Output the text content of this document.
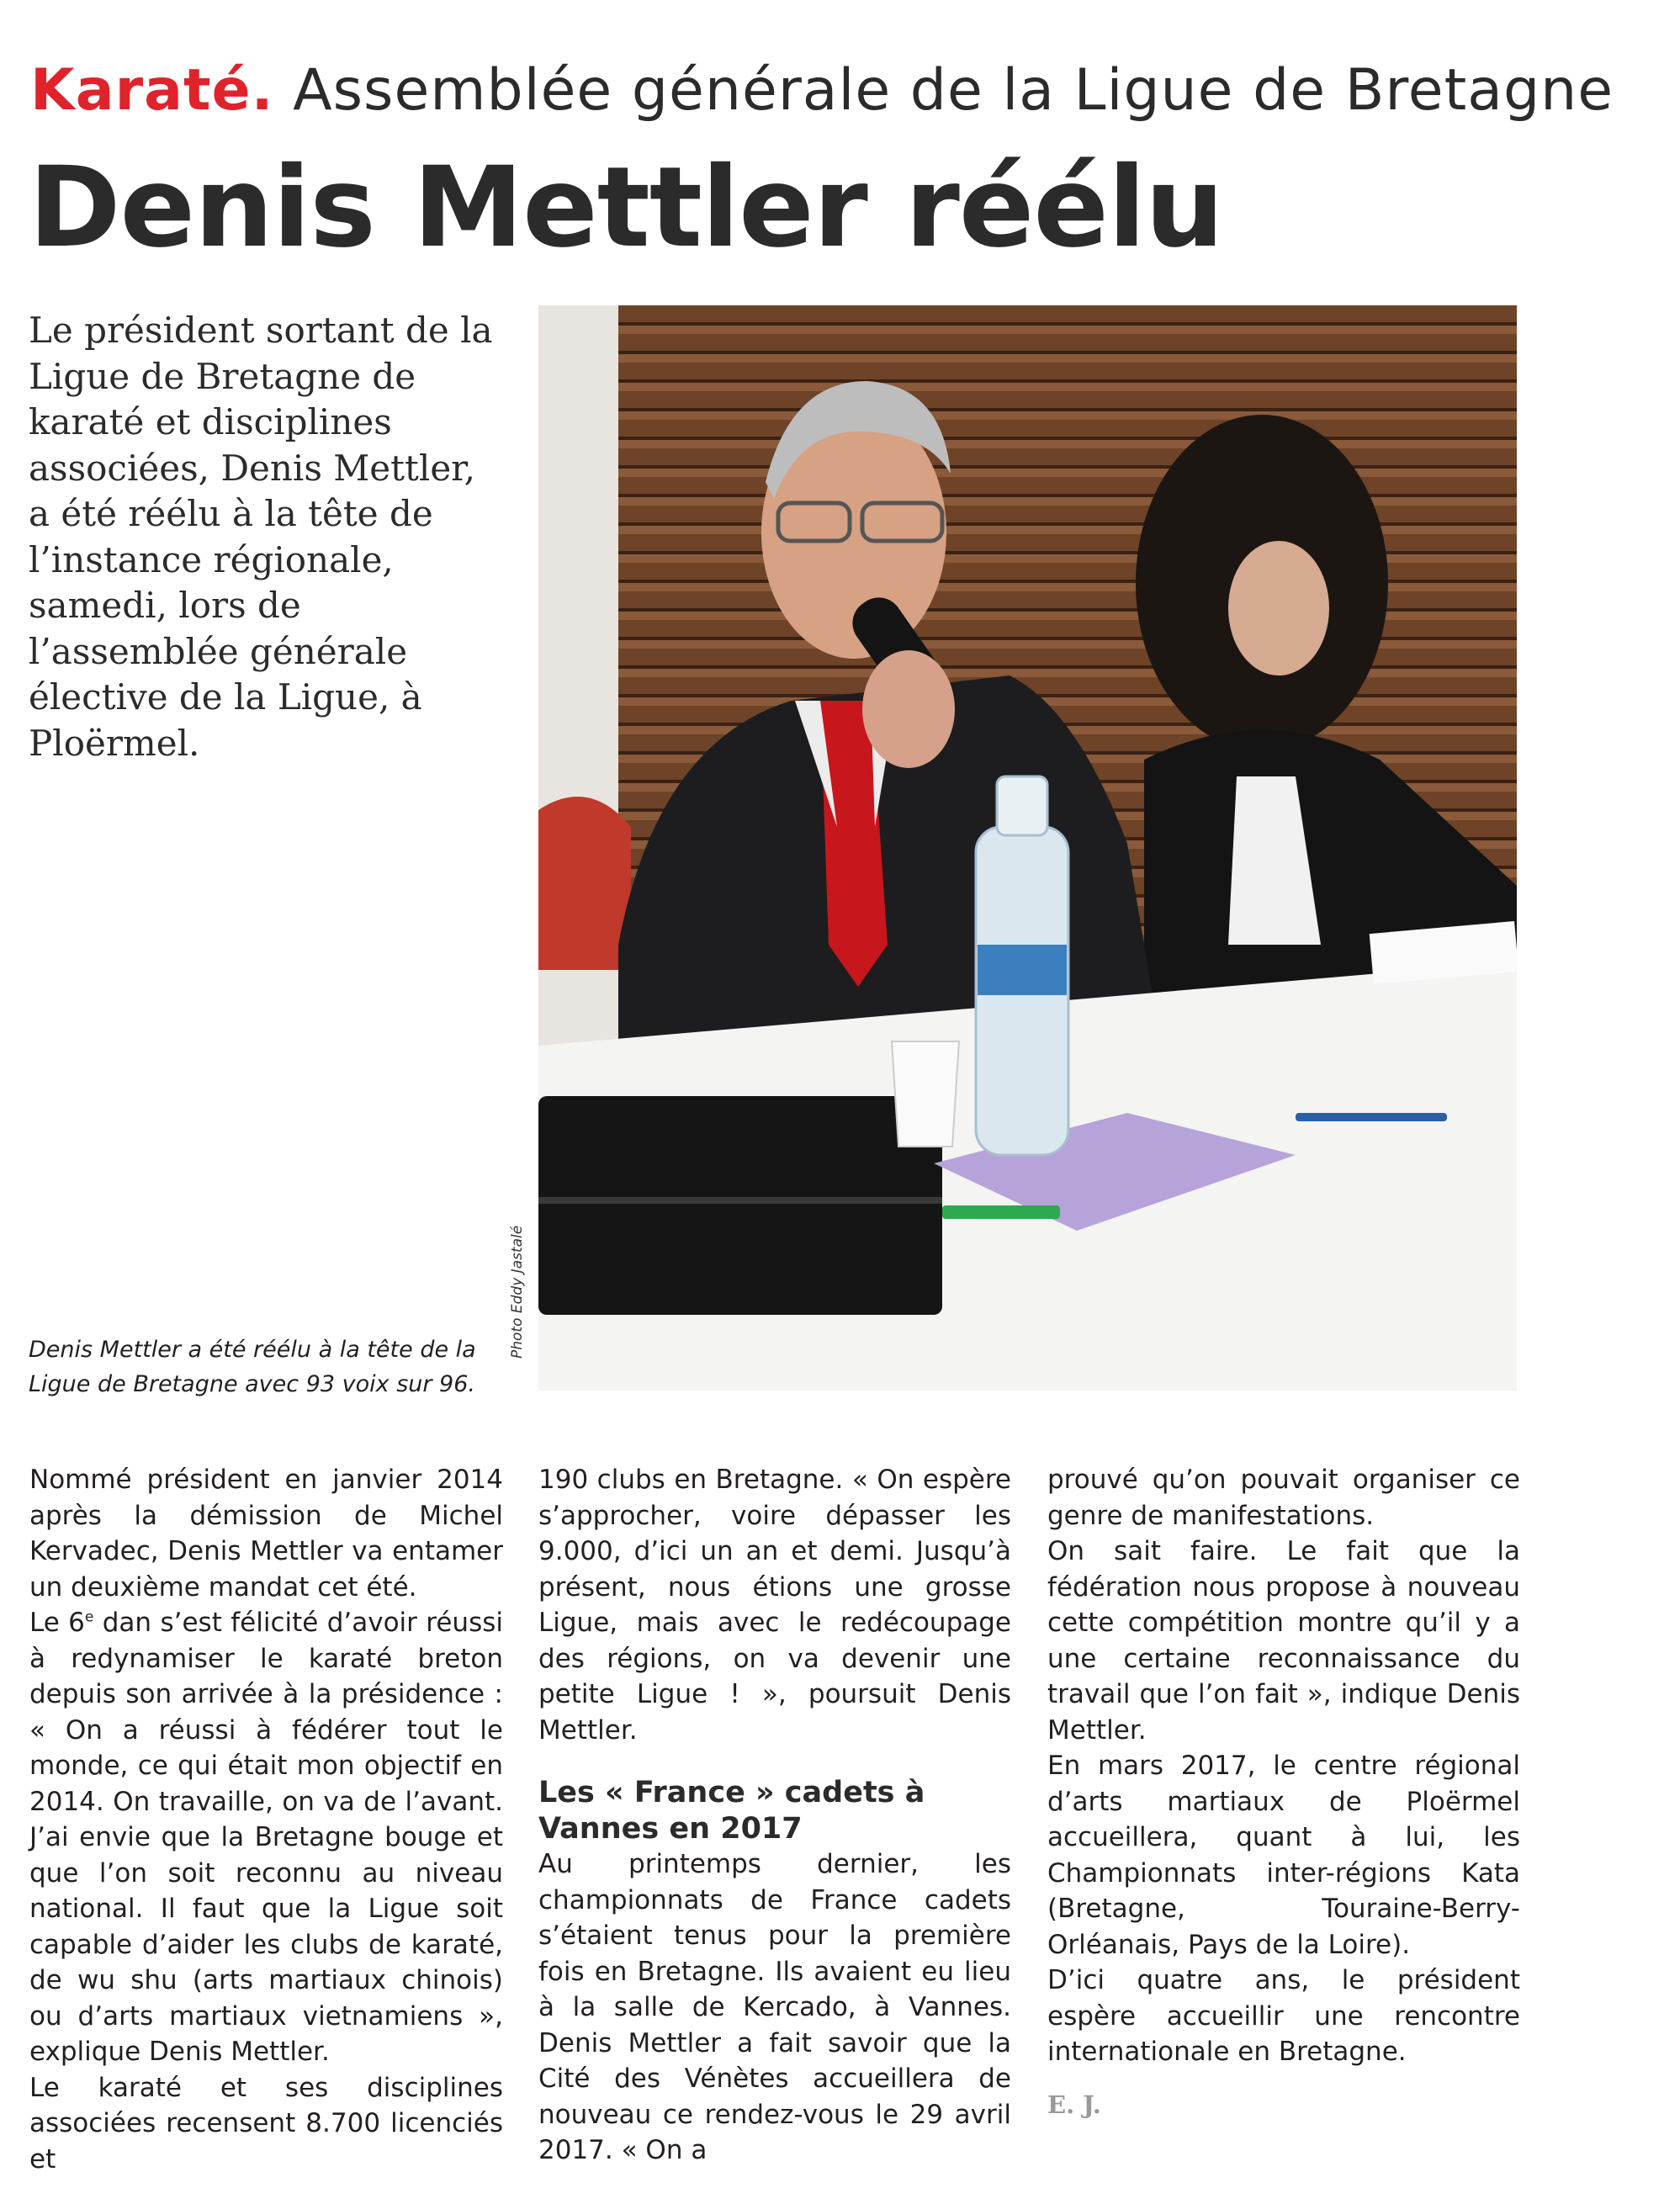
Karaté. Assemblée générale de la Ligue de Bretagne
Denis Mettler réélu

Le président sortant de la Ligue de Bretagne de karaté et disciplines associées, Denis Mettler, a été réélu à la tête de l’instance régionale, samedi, lors de l’assemblée générale élective de la Ligue, à Ploërmel.

Photo Eddy Jastalé

Denis Mettler a été réélu à la tête de la Ligue de Bretagne avec 93 voix sur 96.

Nommé président en janvier 2014 après la démission de Michel Kervadec, Denis Mettler va entamer un deuxième mandat cet été.

Le 6e dan s’est félicité d’avoir réussi à redynamiser le karaté breton depuis son arrivée à la présidence : « On a réussi à fédérer tout le monde, ce qui était mon objectif en 2014. On travaille, on va de l’avant. J’ai envie que la Bretagne bouge et que l’on soit reconnu au niveau national. Il faut que la Ligue soit capable d’aider les clubs de karaté, de wu shu (arts martiaux chinois) ou d’arts martiaux vietnamiens », explique Denis Mettler.

Le karaté et ses disciplines associées recensent 8.700 licenciés et

190 clubs en Bretagne. « On espère s’approcher, voire dépasser les 9.000, d’ici un an et demi. Jusqu’à présent, nous étions une grosse Ligue, mais avec le redécoupage des régions, on va devenir une petite Ligue ! », poursuit Denis Mettler.

Les « France » cadets à Vannes en 2017

Au printemps dernier, les championnats de France cadets s’étaient tenus pour la première fois en Bretagne. Ils avaient eu lieu à la salle de Kercado, à Vannes. Denis Mettler a fait savoir que la Cité des Vénètes accueillera de nouveau ce rendez-vous le 29 avril 2017. « On a

prouvé qu’on pouvait organiser ce genre de manifestations.

On sait faire. Le fait que la fédération nous propose à nouveau cette compétition montre qu’il y a une certaine reconnaissance du travail que l’on fait », indique Denis Mettler.

En mars 2017, le centre régional d’arts martiaux de Ploërmel accueillera, quant à lui, les Championnats inter-régions Kata (Bretagne, Touraine-Berry-Orléanais, Pays de la Loire).

D’ici quatre ans, le président espère accueillir une rencontre internationale en Bretagne.

E. J.
